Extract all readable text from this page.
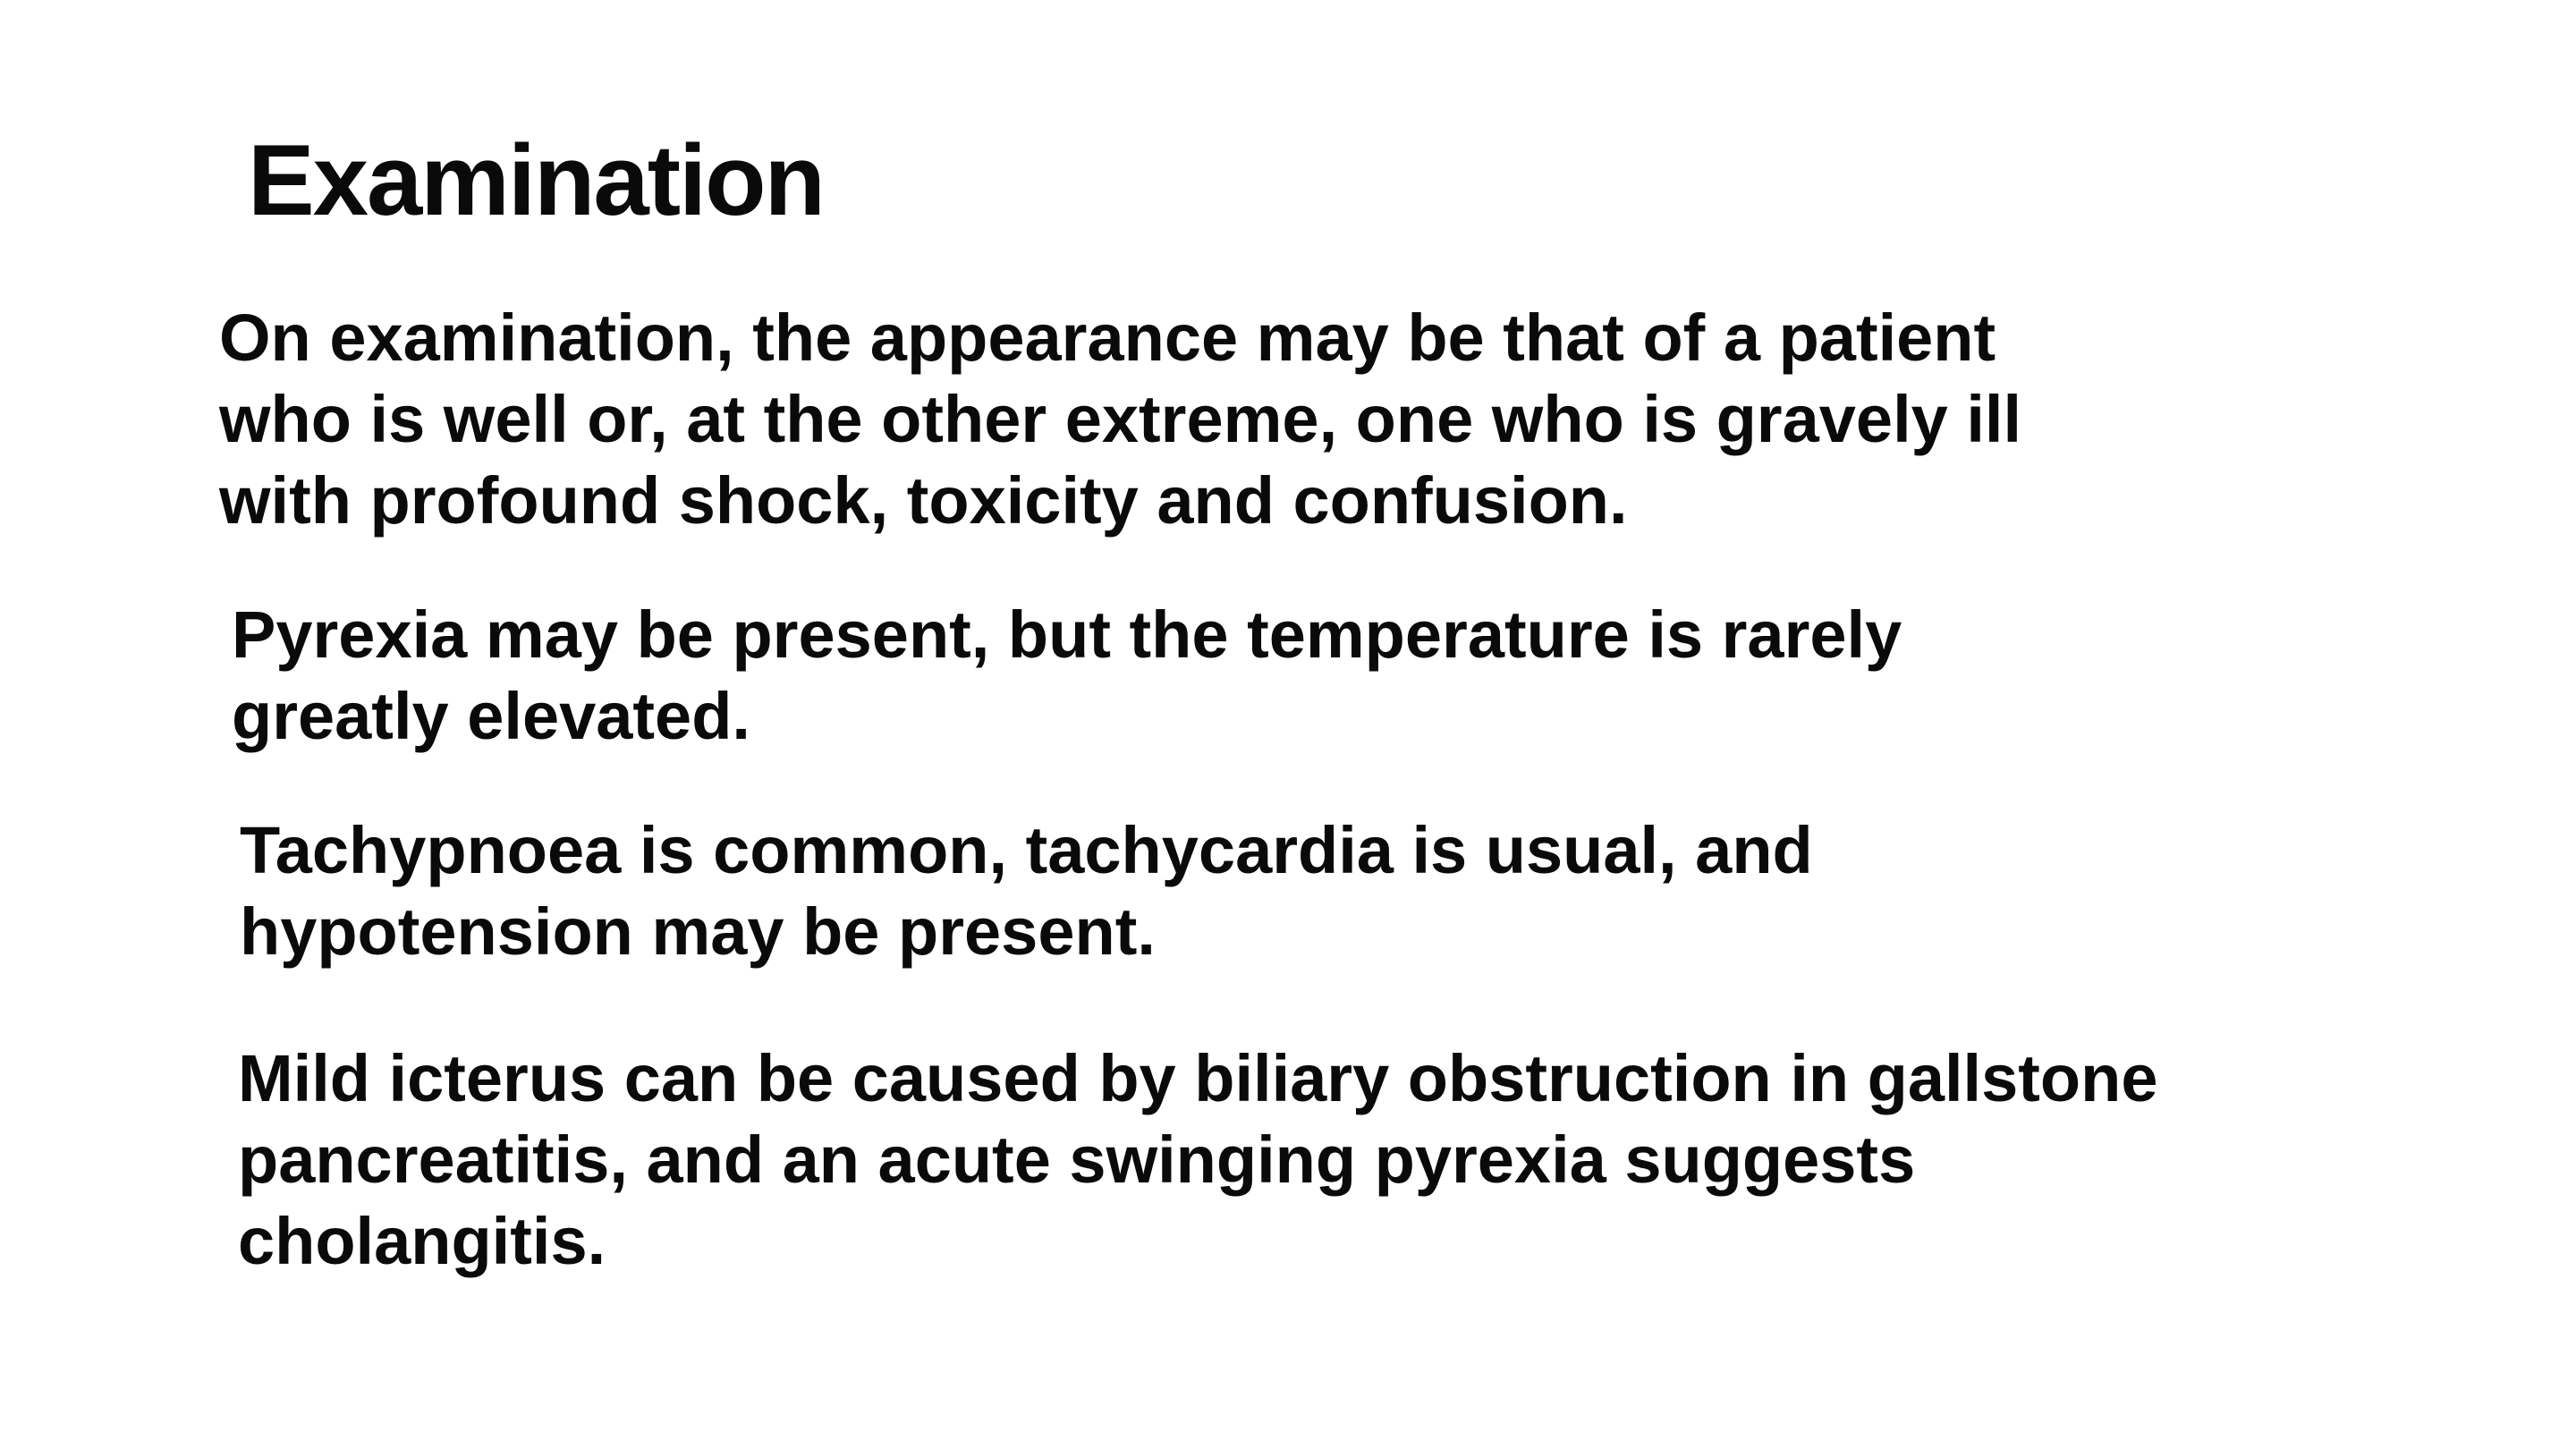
Examination

On examination, the appearance may be that of a patient
who is well or, at the other extreme, one who is gravely ill
with profound shock, toxicity and confusion.

Pyrexia may be present, but the temperature is rarely
greatly elevated.

Tachypnoea is common, tachycardia is usual, and
hypotension may be present.

Mild icterus can be caused by biliary obstruction in gallstone
pancreatitis, and an acute swinging pyrexia suggests
cholangitis.
